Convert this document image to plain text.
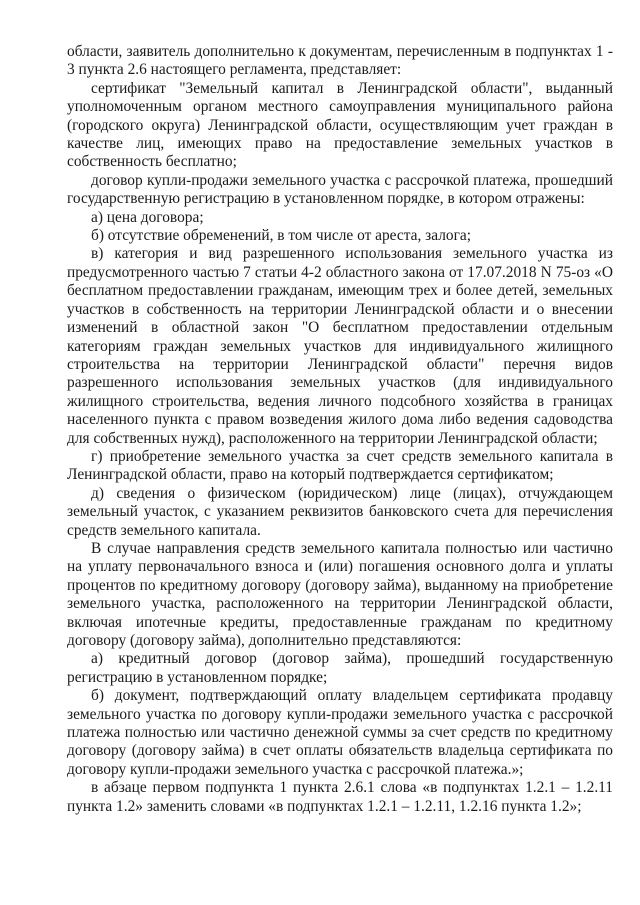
области, заявитель дополнительно к документам, перечисленным в подпунктах 1 - 3 пункта 2.6 настоящего регламента, представляет:

сертификат "Земельный капитал в Ленинградской области", выданный уполномоченным органом местного самоуправления муниципального района (городского округа) Ленинградской области, осуществляющим учет граждан в качестве лиц, имеющих право на предоставление земельных участков в собственность бесплатно;

договор купли-продажи земельного участка с рассрочкой платежа, прошедший государственную регистрацию в установленном порядке, в котором отражены:

а) цена договора;

б) отсутствие обременений, в том числе от ареста, залога;

в) категория и вид разрешенного использования земельного участка из предусмотренного частью 7 статьи 4-2 областного закона от 17.07.2018 N 75-оз «О бесплатном предоставлении гражданам, имеющим трех и более детей, земельных участков в собственность на территории Ленинградской области и о внесении изменений в областной закон "О бесплатном предоставлении отдельным категориям граждан земельных участков для индивидуального жилищного строительства на территории Ленинградской области" перечня видов разрешенного использования земельных участков (для индивидуального жилищного строительства, ведения личного подсобного хозяйства в границах населенного пункта с правом возведения жилого дома либо ведения садоводства для собственных нужд), расположенного на территории Ленинградской области;

г) приобретение земельного участка за счет средств земельного капитала в Ленинградской области, право на который подтверждается сертификатом;

д) сведения о физическом (юридическом) лице (лицах), отчуждающем земельный участок, с указанием реквизитов банковского счета для перечисления средств земельного капитала.

В случае направления средств земельного капитала полностью или частично на уплату первоначального взноса и (или) погашения основного долга и уплаты процентов по кредитному договору (договору займа), выданному на приобретение земельного участка, расположенного на территории Ленинградской области, включая ипотечные кредиты, предоставленные гражданам по кредитному договору (договору займа), дополнительно представляются:

а) кредитный договор (договор займа), прошедший государственную регистрацию в установленном порядке;

б) документ, подтверждающий оплату владельцем сертификата продавцу земельного участка по договору купли-продажи земельного участка с рассрочкой платежа полностью или частично денежной суммы за счет средств по кредитному договору (договору займа) в счет оплаты обязательств владельца сертификата по договору купли-продажи земельного участка с рассрочкой платежа.»;

в абзаце первом подпункта 1 пункта 2.6.1 слова «в подпунктах 1.2.1 – 1.2.11 пункта 1.2» заменить словами «в подпунктах 1.2.1 – 1.2.11, 1.2.16 пункта 1.2»;
